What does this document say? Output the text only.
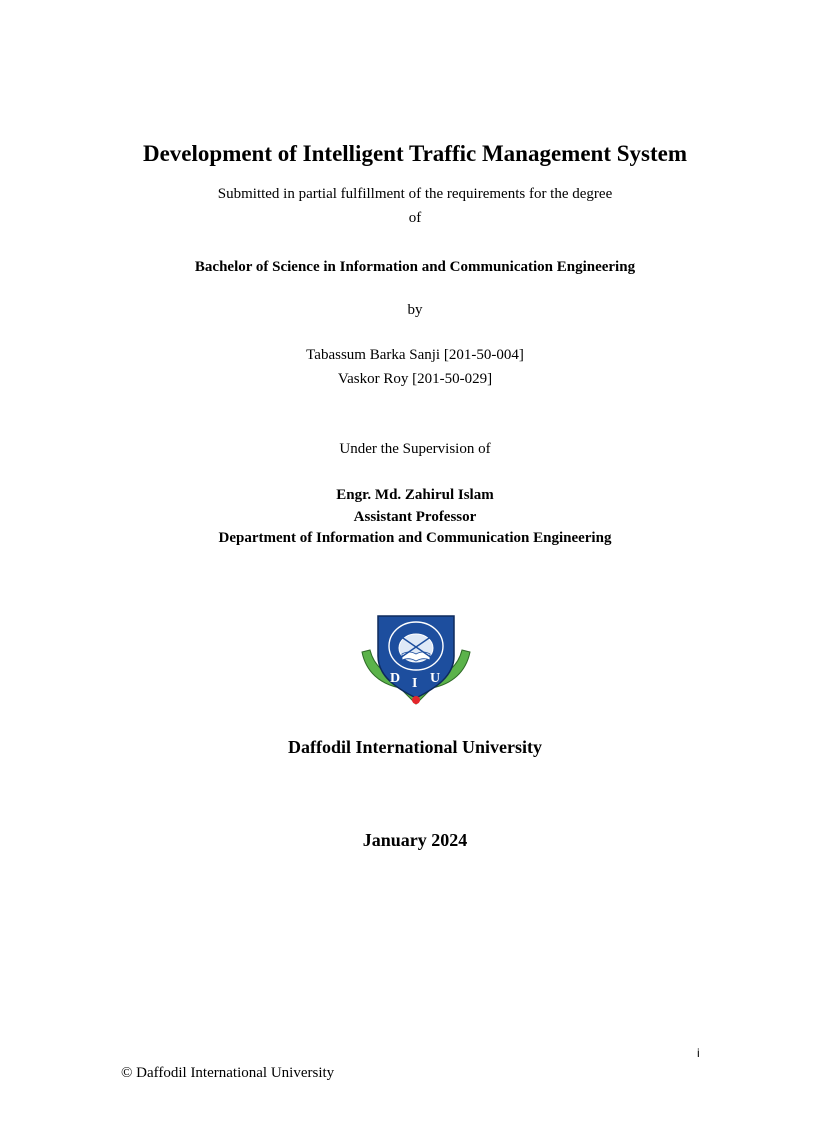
Development of Intelligent Traffic Management System
Submitted in partial fulfillment of the requirements for the degree
of
Bachelor of Science in Information and Communication Engineering
by
Tabassum Barka Sanji [201-50-004]
Vaskor Roy [201-50-029]
Under the Supervision of
Engr. Md. Zahirul Islam
Assistant Professor
Department of Information and Communication Engineering
Daffodil International University
D I U
Daffodil International University
January 2024
i
© Daffodil International University
